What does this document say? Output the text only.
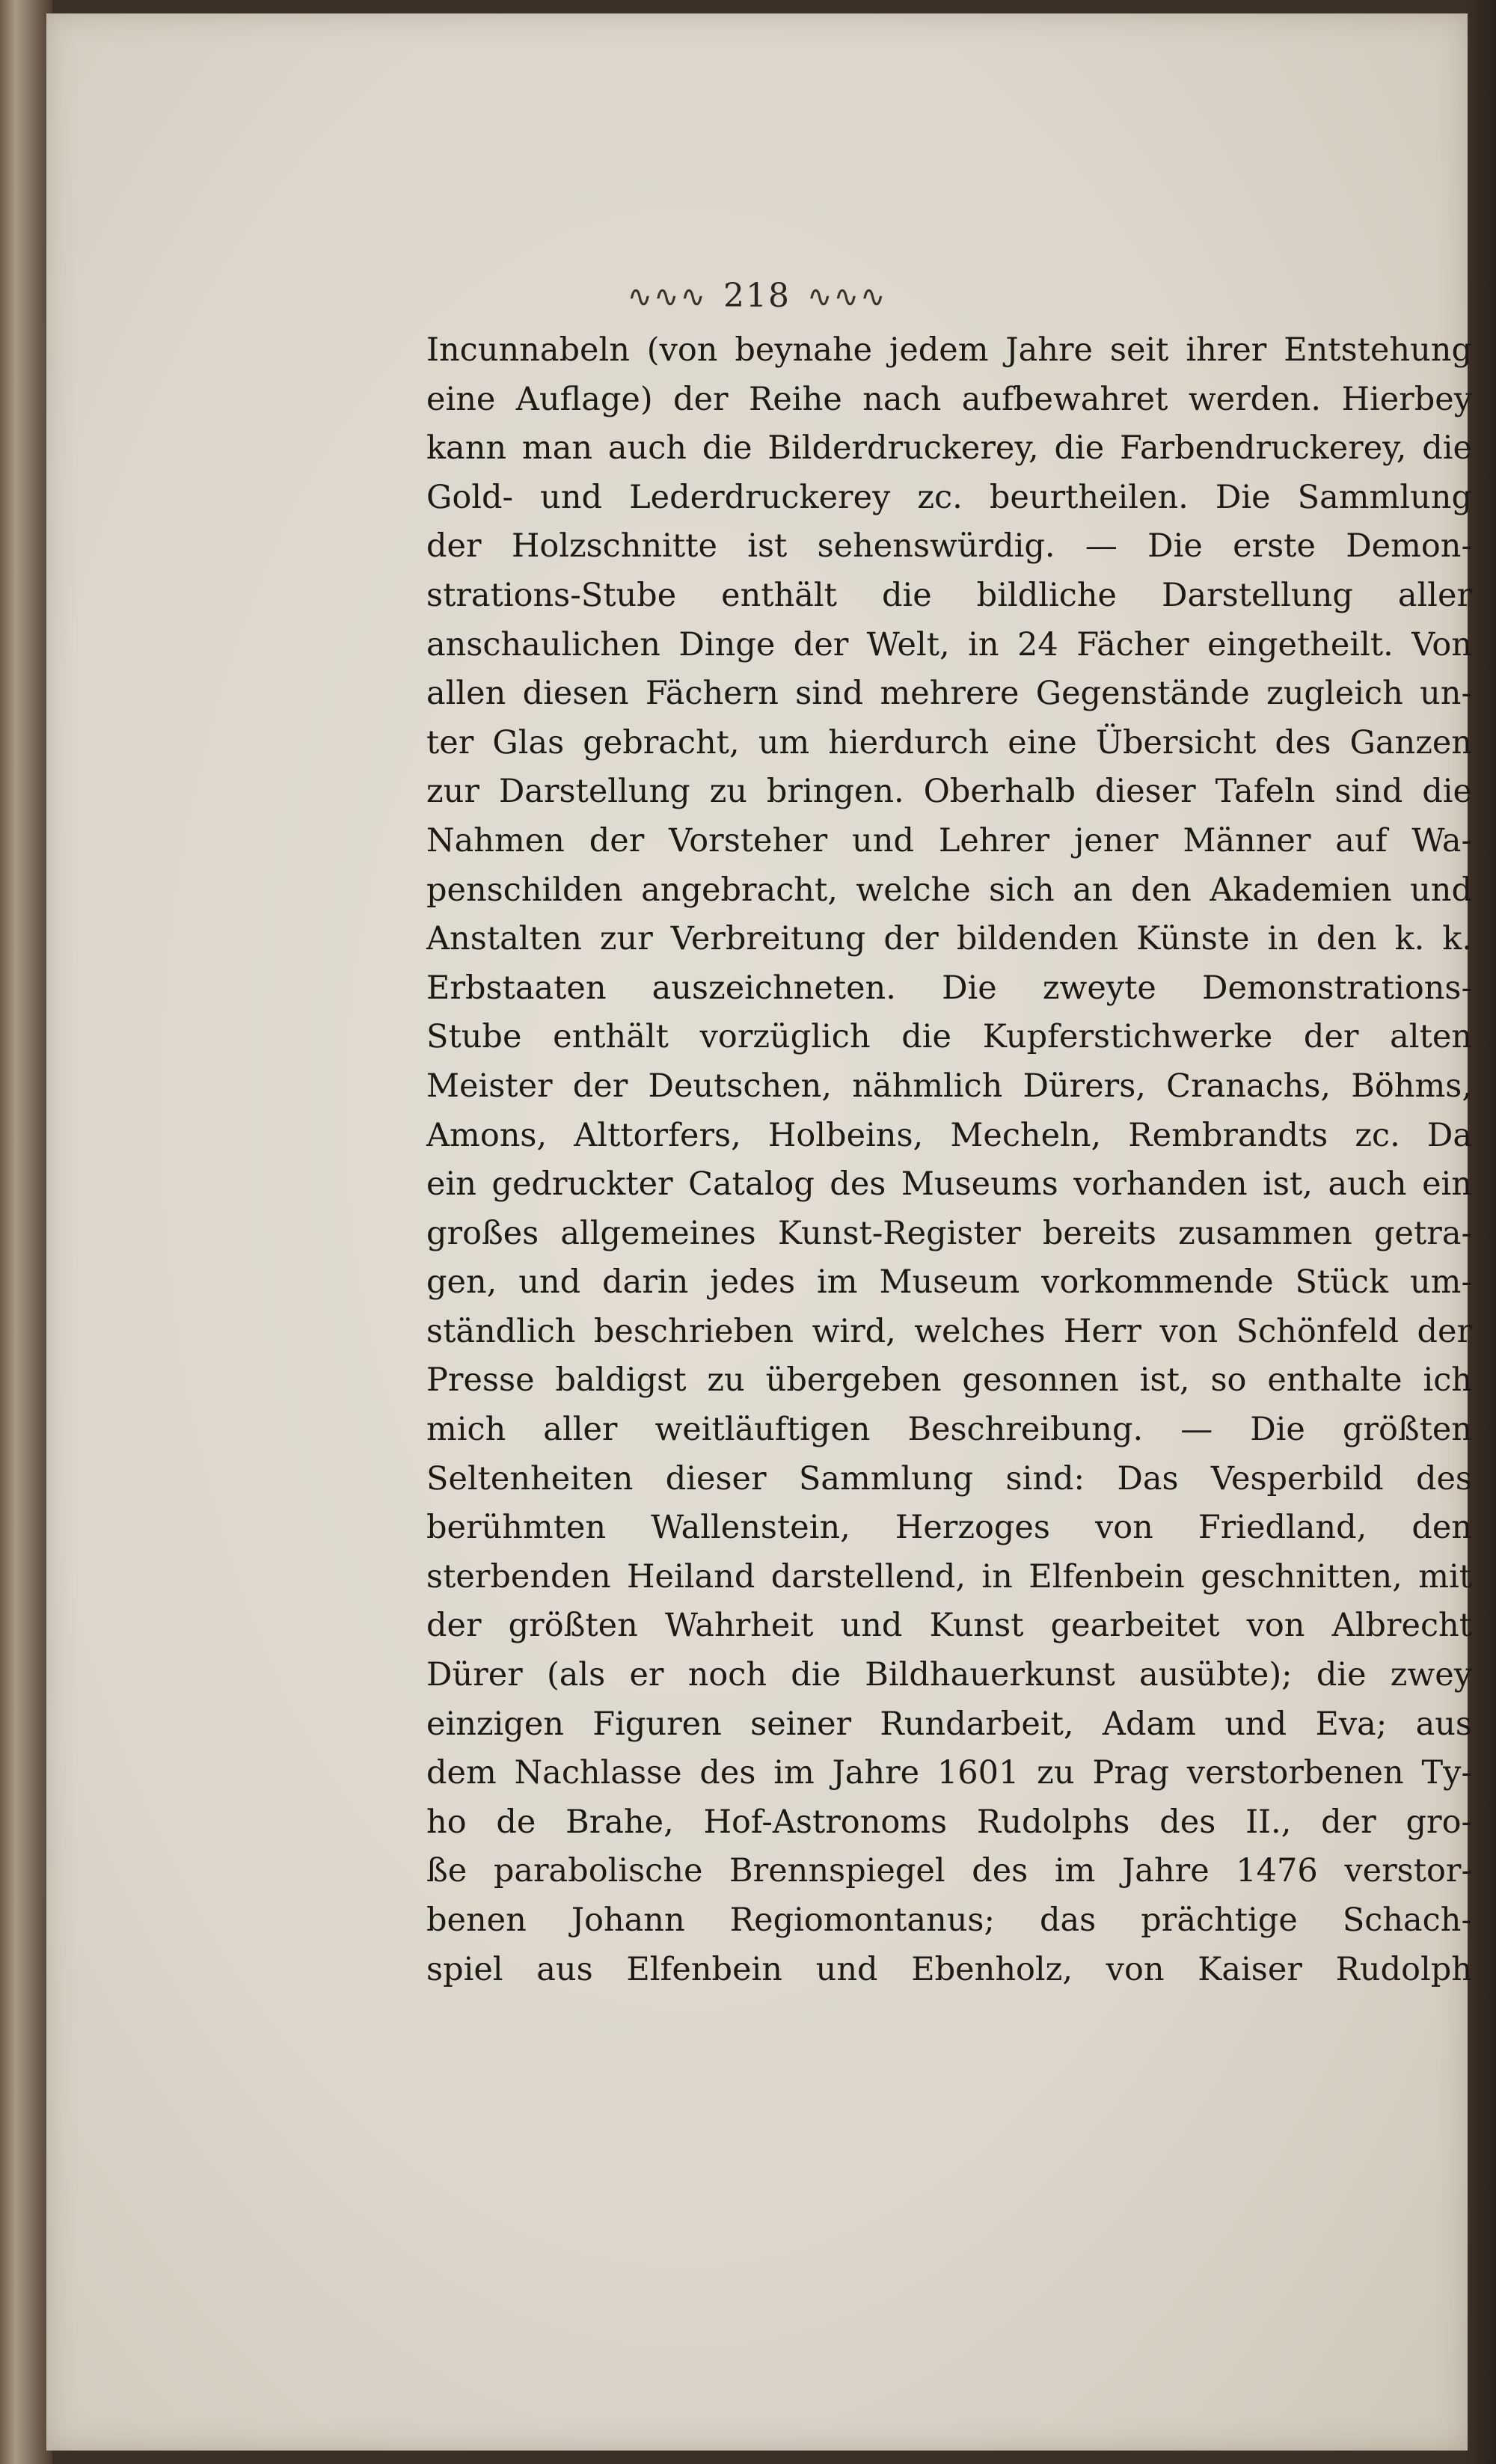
∿∿∿ 218 ∿∿∿
Incunnabeln (von beynahe jedem Jahre seit ihrer Entstehung
eine Auflage) der Reihe nach aufbewahret werden. Hierbey
kann man auch die Bilderdruckerey, die Farbendruckerey, die
Gold- und Lederdruckerey zc. beurtheilen. Die Sammlung
der Holzschnitte ist sehenswürdig. — Die erste Demon-
strations-Stube enthält die bildliche Darstellung aller
anschaulichen Dinge der Welt, in 24 Fächer eingetheilt. Von
allen diesen Fächern sind mehrere Gegenstände zugleich un-
ter Glas gebracht, um hierdurch eine Übersicht des Ganzen
zur Darstellung zu bringen. Oberhalb dieser Tafeln sind die
Nahmen der Vorsteher und Lehrer jener Männer auf Wa-
penschilden angebracht, welche sich an den Akademien und
Anstalten zur Verbreitung der bildenden Künste in den k. k.
Erbstaaten auszeichneten. Die zweyte Demonstrations-
Stube enthält vorzüglich die Kupferstichwerke der alten
Meister der Deutschen, nähmlich Dürers, Cranachs, Böhms,
Amons, Alttorfers, Holbeins, Mecheln, Rembrandts zc. Da
ein gedruckter Catalog des Museums vorhanden ist, auch ein
großes allgemeines Kunst-Register bereits zusammen getra-
gen, und darin jedes im Museum vorkommende Stück um-
ständlich beschrieben wird, welches Herr von Schönfeld der
Presse baldigst zu übergeben gesonnen ist, so enthalte ich
mich aller weitläuftigen Beschreibung. — Die größten
Seltenheiten dieser Sammlung sind: Das Vesperbild des
berühmten Wallenstein, Herzoges von Friedland, den
sterbenden Heiland darstellend, in Elfenbein geschnitten, mit
der größten Wahrheit und Kunst gearbeitet von Albrecht
Dürer (als er noch die Bildhauerkunst ausübte); die zwey
einzigen Figuren seiner Rundarbeit, Adam und Eva; aus
dem Nachlasse des im Jahre 1601 zu Prag verstorbenen Ty-
ho de Brahe, Hof-Astronoms Rudolphs des II., der gro-
ße parabolische Brennspiegel des im Jahre 1476 verstor-
benen Johann Regiomontanus; das prächtige Schach-
spiel aus Elfenbein und Ebenholz, von Kaiser Rudolph
